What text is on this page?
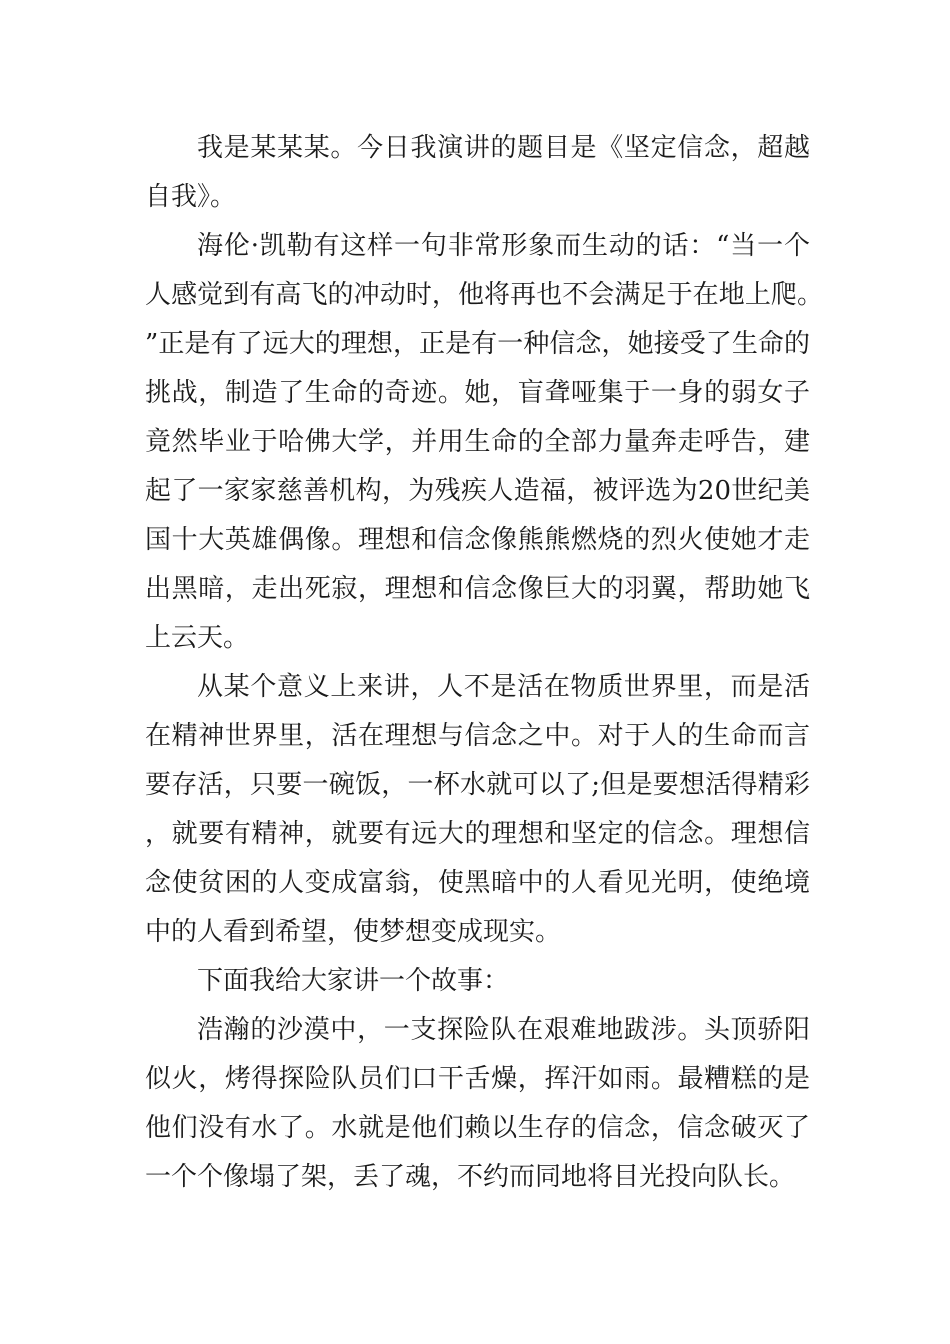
我是某某某。今日我演讲的题目是《坚定信念，超越自我》。

海伦·凯勒有这样一句非常形象而生动的话：“当一个人感觉到有高飞的冲动时，他将再也不会满足于在地上爬。”正是有了远大的理想，正是有一种信念，她接受了生命的挑战，制造了生命的奇迹。她，盲聋哑集于一身的弱女子竟然毕业于哈佛大学，并用生命的全部力量奔走呼告，建起了一家家慈善机构，为残疾人造福，被评选为20世纪美国十大英雄偶像。理想和信念像熊熊燃烧的烈火使她才走出黑暗，走出死寂，理想和信念像巨大的羽翼，帮助她飞上云天。

从某个意义上来讲，人不是活在物质世界里，而是活在精神世界里，活在理想与信念之中。对于人的生命而言要存活，只要一碗饭，一杯水就可以了;但是要想活得精彩，就要有精神，就要有远大的理想和坚定的信念。理想信念使贫困的人变成富翁，使黑暗中的人看见光明，使绝境中的人看到希望，使梦想变成现实。

下面我给大家讲一个故事：

浩瀚的沙漠中，一支探险队在艰难地跋涉。头顶骄阳似火，烤得探险队员们口干舌燥，挥汗如雨。最糟糕的是他们没有水了。水就是他们赖以生存的信念，信念破灭了一个个像塌了架，丢了魂，不约而同地将目光投向队长。
